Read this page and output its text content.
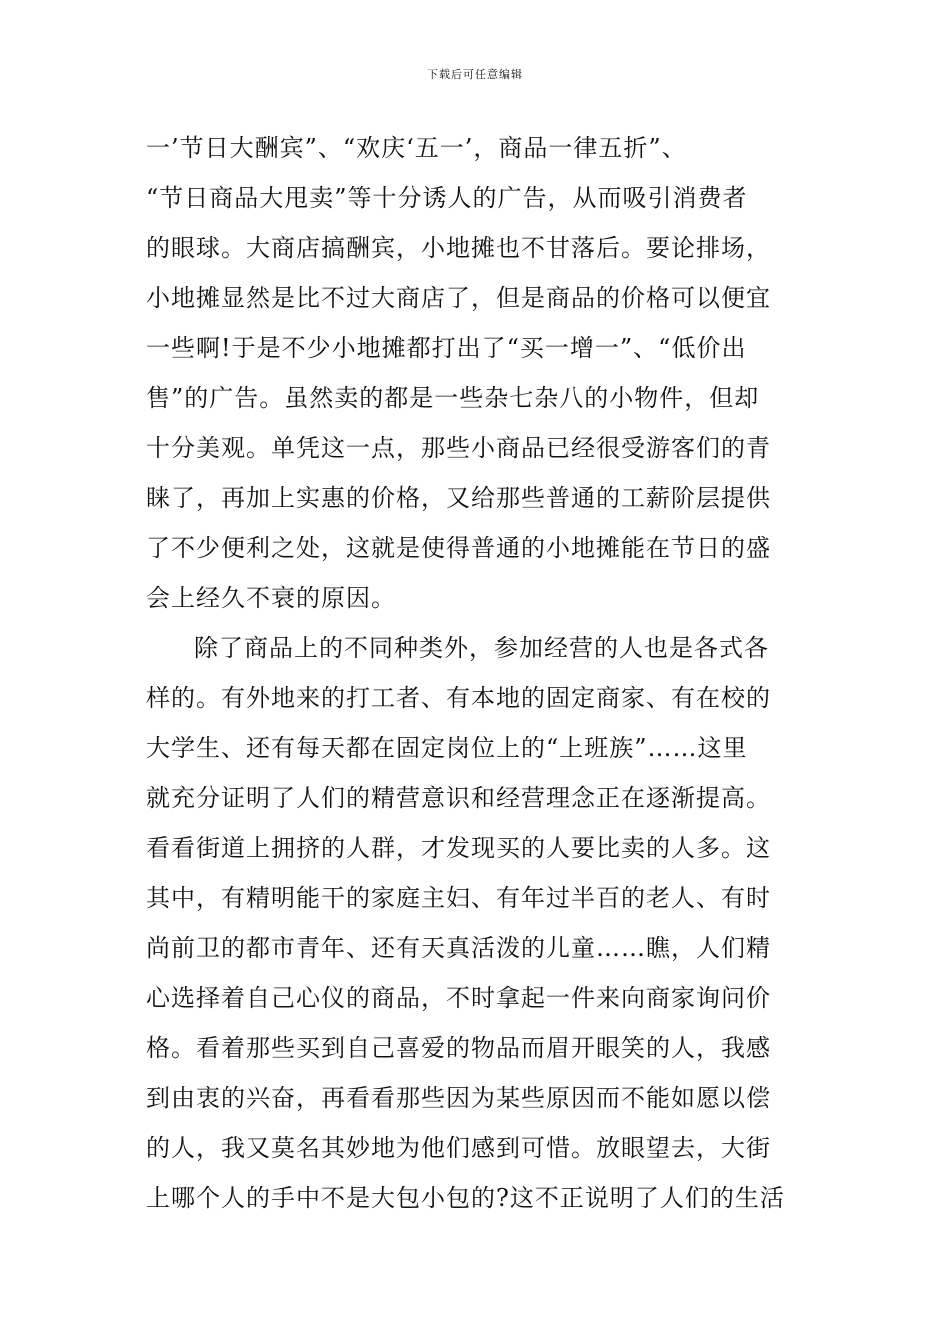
下载后可任意编辑
一’节日大酬宾”、“欢庆‘五一’，商品一律五折”、
“节日商品大甩卖”等十分诱人的广告，从而吸引消费者
的眼球。大商店搞酬宾，小地摊也不甘落后。要论排场，
小地摊显然是比不过大商店了，但是商品的价格可以便宜
一些啊!于是不少小地摊都打出了“买一增一”、“低价出
售”的广告。虽然卖的都是一些杂七杂八的小物件，但却
十分美观。单凭这一点，那些小商品已经很受游客们的青
睐了，再加上实惠的价格，又给那些普通的工薪阶层提供
了不少便利之处，这就是使得普通的小地摊能在节日的盛
会上经久不衰的原因。
除了商品上的不同种类外，参加经营的人也是各式各
样的。有外地来的打工者、有本地的固定商家、有在校的
大学生、还有每天都在固定岗位上的“上班族”……这里
就充分证明了人们的精营意识和经营理念正在逐渐提高。
看看街道上拥挤的人群，才发现买的人要比卖的人多。这
其中，有精明能干的家庭主妇、有年过半百的老人、有时
尚前卫的都市青年、还有天真活泼的儿童……瞧，人们精
心选择着自己心仪的商品，不时拿起一件来向商家询问价
格。看着那些买到自己喜爱的物品而眉开眼笑的人，我感
到由衷的兴奋，再看看那些因为某些原因而不能如愿以偿
的人，我又莫名其妙地为他们感到可惜。放眼望去，大街
上哪个人的手中不是大包小包的?这不正说明了人们的生活
